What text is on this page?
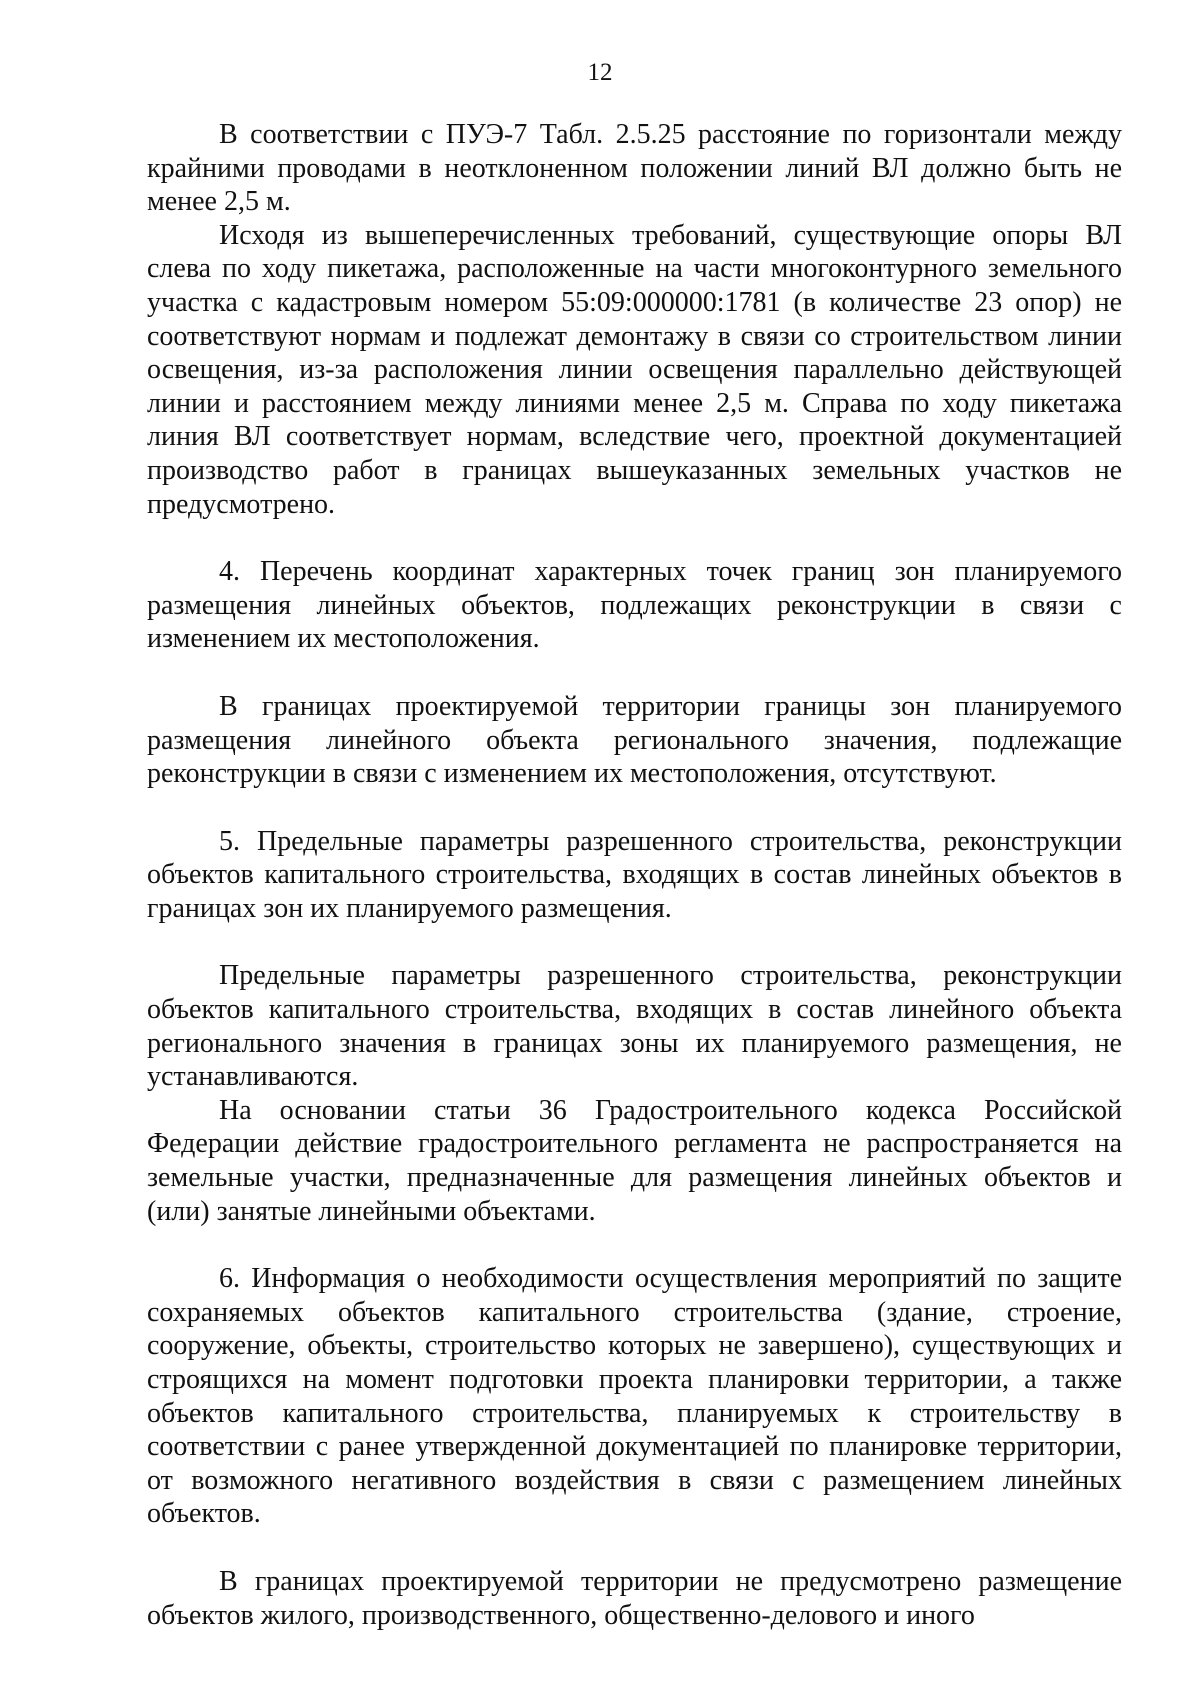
12

В соответствии с ПУЭ-7 Табл. 2.5.25 расстояние по горизонтали между крайними проводами в неотклоненном положении линий ВЛ должно быть не менее 2,5 м.

Исходя из вышеперечисленных требований, существующие опоры ВЛ слева по ходу пикетажа, расположенные на части многоконтурного земельного участка с кадастровым номером 55:09:000000:1781 (в количестве 23 опор) не соответствуют нормам и подлежат демонтажу в связи со строительством линии освещения, из-за расположения линии освещения параллельно действующей линии и расстоянием между линиями менее 2,5 м. Справа по ходу пикетажа линия ВЛ соответствует нормам, вследствие чего, проектной документацией производство работ в границах вышеуказанных земельных участков не предусмотрено.

4. Перечень координат характерных точек границ зон планируемого размещения линейных объектов, подлежащих реконструкции в связи с изменением их местоположения.

В границах проектируемой территории границы зон планируемого размещения линейного объекта регионального значения, подлежащие реконструкции в связи с изменением их местоположения, отсутствуют.

5. Предельные параметры разрешенного строительства, реконструкции объектов капитального строительства, входящих в состав линейных объектов в границах зон их планируемого размещения.

Предельные параметры разрешенного строительства, реконструкции объектов капитального строительства, входящих в состав линейного объекта регионального значения в границах зоны их планируемого размещения, не устанавливаются.

На основании статьи 36 Градостроительного кодекса Российской Федерации действие градостроительного регламента не распространяется на земельные участки, предназначенные для размещения линейных объектов и (или) занятые линейными объектами.

6. Информация о необходимости осуществления мероприятий по защите сохраняемых объектов капитального строительства (здание, строение, сооружение, объекты, строительство которых не завершено), существующих и строящихся на момент подготовки проекта планировки территории, а также объектов капитального строительства, планируемых к строительству в соответствии с ранее утвержденной документацией по планировке территории, от возможного негативного воздействия в связи с размещением линейных объектов.

В границах проектируемой территории не предусмотрено размещение объектов жилого, производственного, общественно-делового и иного
